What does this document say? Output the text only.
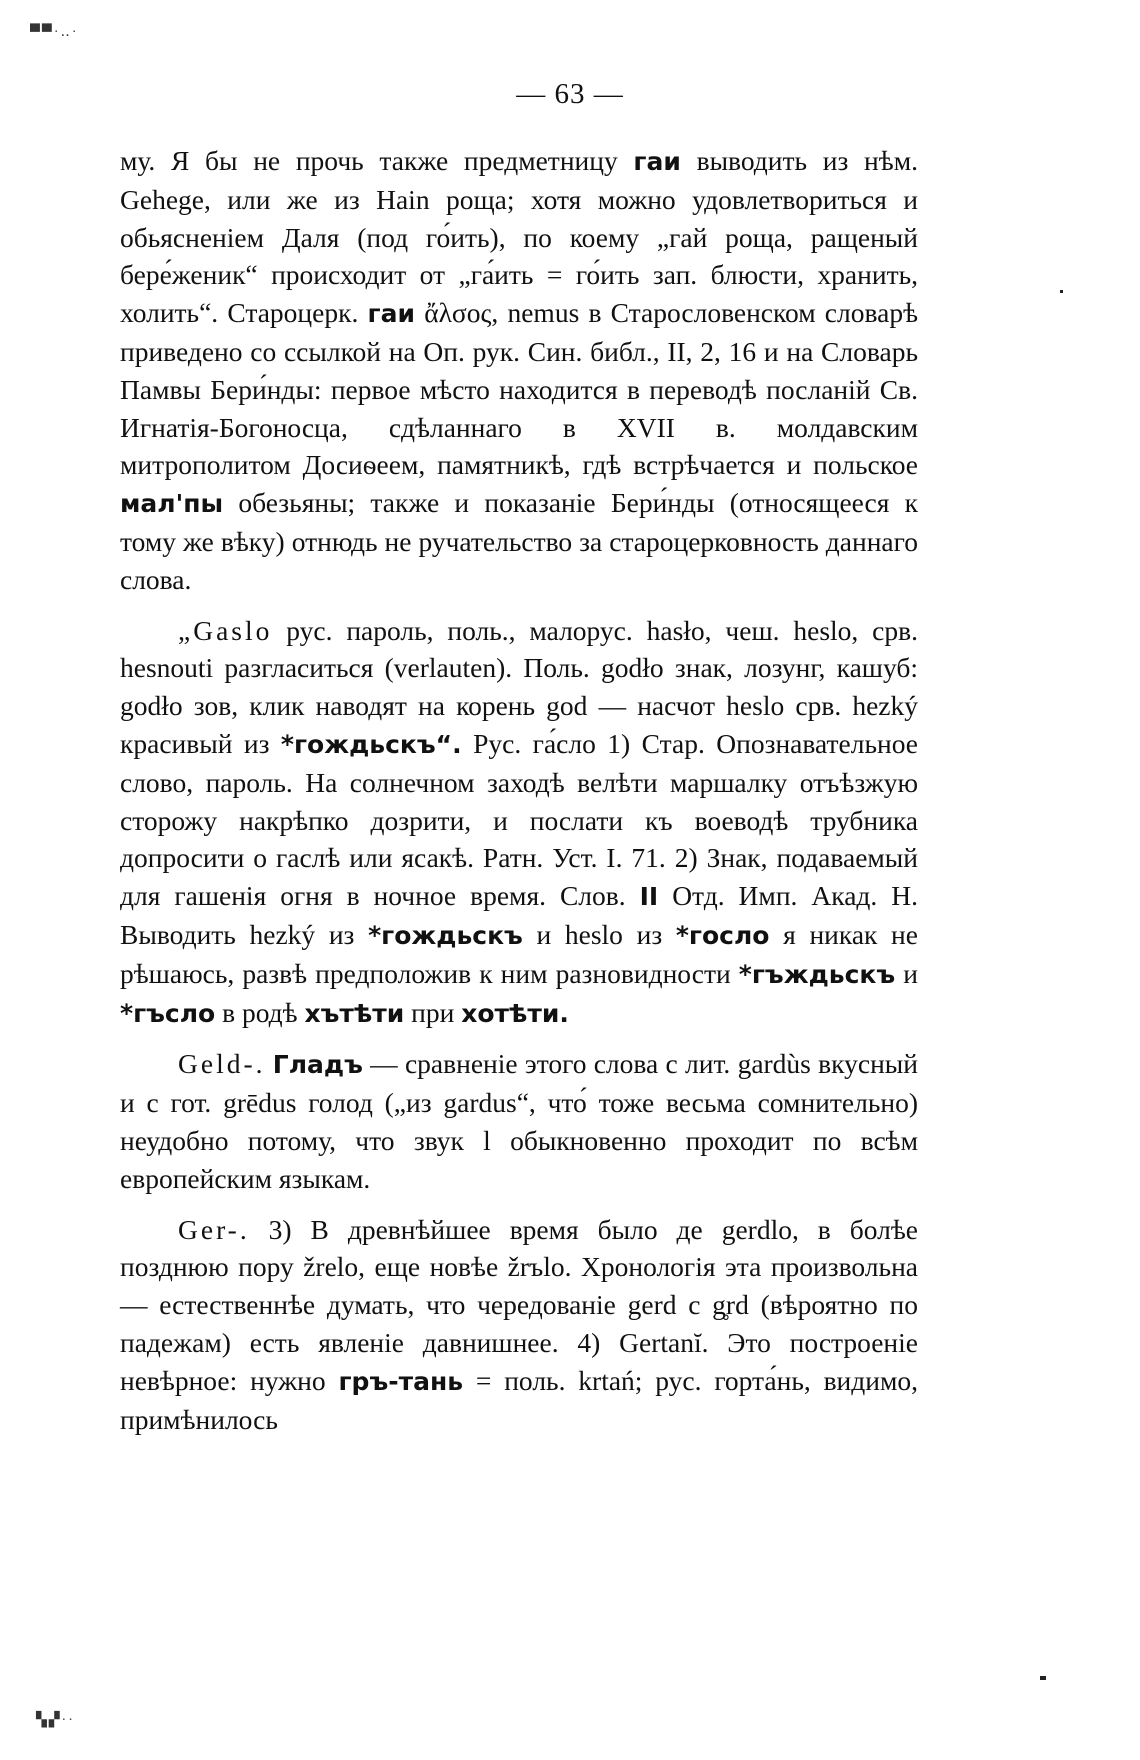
▀▀·‥·
▚▞··
— 63 —

му. Я бы не прочь также предметницу гаи выводить из нѣм. Gehege, или же из Hain роща; хотя можно удовлетвориться и обьясненіем Даля (под го́ить), по коему „гай роща, ращеный бере́женик“ происходит от „га́ить = го́ить зап. блюсти, хранить, холить“. Староцерк. гаи ἄλσος, nemus в Старословенском словарѣ приведено со ссылкой на Оп. рук. Син. библ., II, 2, 16 и на Словарь Памвы Бери́нды: первое мѣсто находится в переводѣ посланій Св. Игнатія-Богоносца, сдѣланнаго в XVII в. молдавским митрополитом Досиѳеем, памятникѣ, гдѣ встрѣчается и польское мал'пы обезьяны; также и показаніе Бери́нды (относящееся к тому же вѣку) отнюдь не ручательство за староцерковность даннаго слова.

„Gaslo рус. пароль, поль., малорус. hasło, чеш. heslo, срв. hesnouti разгласиться (verlauten). Поль. godło знак, лозунг, кашуб: godło зов, клик наводят на корень god — насчот heslo срв. hezký красивый из *гождьскъ“. Рус. га́сло 1) Стар. Опознавательное слово, пароль. На солнечном заходѣ велѣти маршалку отъѣзжую сторожу накрѣпко дозрити, и послати къ воеводѣ трубника допросити о гаслѣ или ясакѣ. Ратн. Уст. I. 71. 2) Знак, подаваемый для гашенія огня в ночное время. Слов. II Отд. Имп. Акад. Н. Выводить hezký из *гождьскъ и heslo из *госло я никак не рѣшаюсь, развѣ предположив к ним разновидности *гъждьскъ и *гъсло в родѣ хътѣти при хотѣти.

Geld-. Гладъ — сравненіе этого слова с лит. gardùs вкусный и с гот. grēdus голод („из gardus“, что́ тоже весьма сомнительно) неудобно потому, что звук l обыкновенно проходит по всѣм европейским языкам.

Ger-. 3) В древнѣйшее время было де gerdlo, в болѣе позднюю пору žrelo, еще новѣе žrъlo. Хронологія эта произвольна — естественнѣе думать, что чередованіе gerd с g̥rd (вѣроятно по падежам) есть явленіе давнишнее. 4) Gertanĭ. Это построеніе невѣрное: нужно гръ-тань = поль. krtań; рус. горта́нь, видимо, примѣнилось
